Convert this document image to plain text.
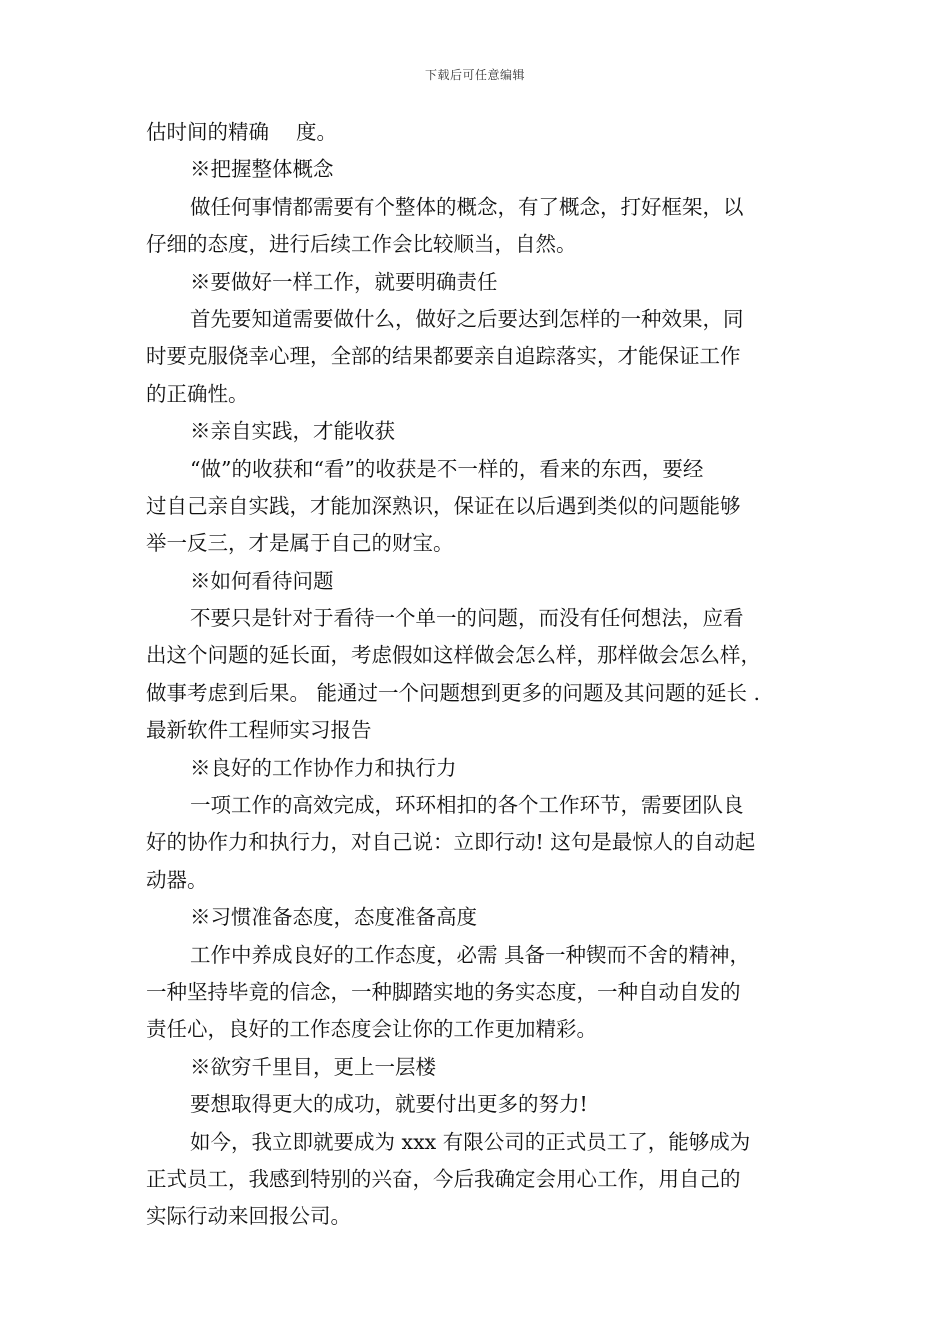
下载后可任意编辑
估时间的精确　 度。
※把握整体概念
做任何事情都需要有个整体的概念，有了概念，打好框架，以
仔细的态度，进行后续工作会比较顺当，自然。
※要做好一样工作，就要明确责任
首先要知道需要做什么，做好之后要达到怎样的一种效果，同
时要克服侥幸心理，全部的结果都要亲自追踪落实，才能保证工作
的正确性。
※亲自实践，才能收获
“做”的收获和“看”的收获是不一样的，看来的东西，要经
过自己亲自实践，才能加深熟识，保证在以后遇到类似的问题能够
举一反三，才是属于自己的财宝。
※如何看待问题
不要只是针对于看待一个单一的问题，而没有任何想法，应看
出这个问题的延长面，考虑假如这样做会怎么样，那样做会怎么样，
做事考虑到后果。 能通过一个问题想到更多的问题及其问题的延长 .
最新软件工程师实习报告
※良好的工作协作力和执行力
一项工作的高效完成，环环相扣的各个工作环节，需要团队良
好的协作力和执行力，对自己说：立即行动! 这句是最惊人的自动起
动器。
※习惯准备态度，态度准备高度
工作中养成良好的工作态度，必需 具备一种锲而不舍的精神，
一种坚持毕竟的信念，一种脚踏实地的务实态度，一种自动自发的
责任心，良好的工作态度会让你的工作更加精彩。
※欲穷千里目，更上一层楼
要想取得更大的成功，就要付出更多的努力!
如今，我立即就要成为 xxx 有限公司的正式员工了，能够成为
正式员工，我感到特别的兴奋，今后我确定会用心工作，用自己的
实际行动来回报公司。
